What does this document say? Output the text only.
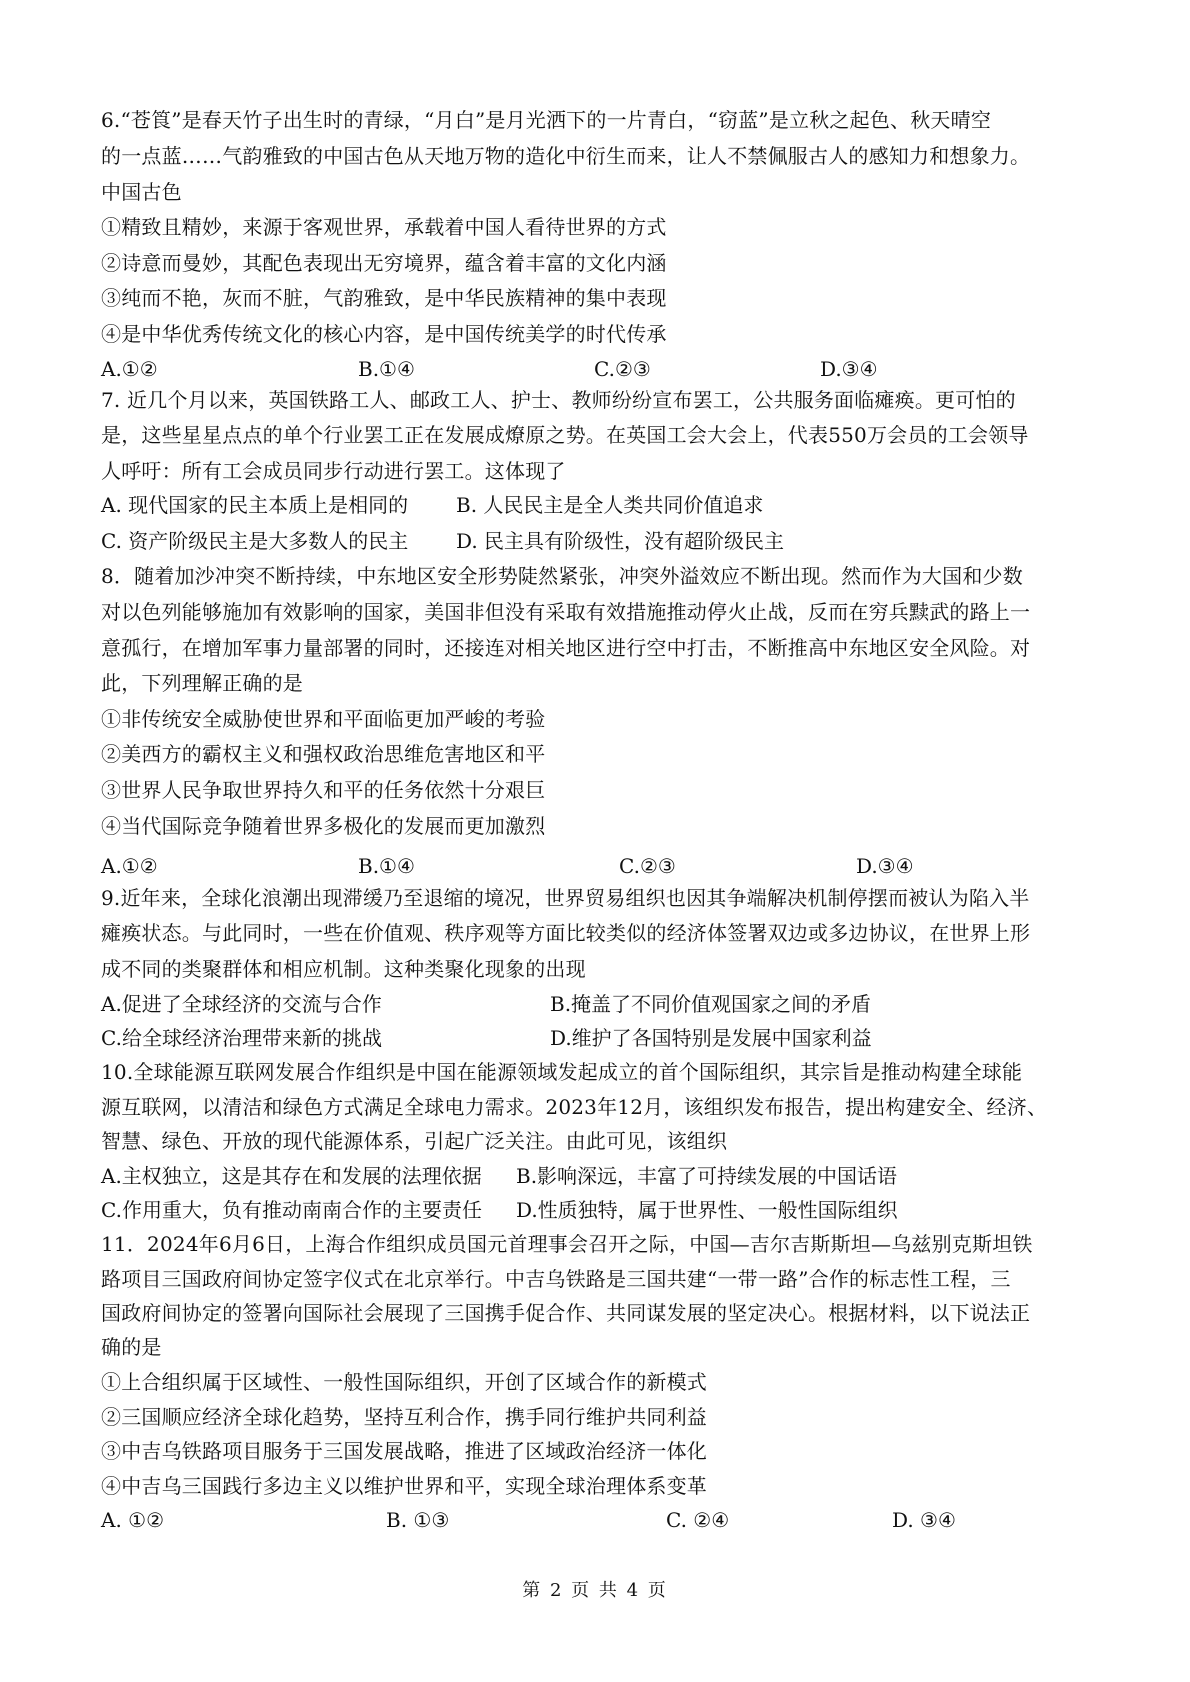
6.“苍筤”是春天竹子出生时的青绿，“月白”是月光洒下的一片青白，“窃蓝”是立秋之起色、秋天晴空
的一点蓝……气韵雅致的中国古色从天地万物的造化中衍生而来，让人不禁佩服古人的感知力和想象力。
中国古色
①精致且精妙，来源于客观世界，承载着中国人看待世界的方式
②诗意而曼妙，其配色表现出无穷境界，蕴含着丰富的文化内涵
③纯而不艳，灰而不脏，气韵雅致，是中华民族精神的集中表现
④是中华优秀传统文化的核心内容，是中国传统美学的时代传承
A.①②	B.①④	C.②③	D.③④
7. 近几个月以来，英国铁路工人、邮政工人、护士、教师纷纷宣布罢工，公共服务面临瘫痪。更可怕的
是，这些星星点点的单个行业罢工正在发展成燎原之势。在英国工会大会上，代表550万会员的工会领导
人呼吁：所有工会成员同步行动进行罢工。这体现了
A. 现代国家的民主本质上是相同的 B. 人民民主是全人类共同价值追求
C. 资产阶级民主是大多数人的民主 D. 民主具有阶级性，没有超阶级民主
8．随着加沙冲突不断持续，中东地区安全形势陡然紧张，冲突外溢效应不断出现。然而作为大国和少数
对以色列能够施加有效影响的国家，美国非但没有采取有效措施推动停火止战，反而在穷兵黩武的路上一
意孤行，在增加军事力量部署的同时，还接连对相关地区进行空中打击，不断推高中东地区安全风险。对
此，下列理解正确的是
①非传统安全威胁使世界和平面临更加严峻的考验
②美西方的霸权主义和强权政治思维危害地区和平
③世界人民争取世界持久和平的任务依然十分艰巨
④当代国际竞争随着世界多极化的发展而更加激烈
A.①②	B.①④	C.②③	D.③④
9.近年来，全球化浪潮出现滞缓乃至退缩的境况，世界贸易组织也因其争端解决机制停摆而被认为陷入半
瘫痪状态。与此同时，一些在价值观、秩序观等方面比较类似的经济体签署双边或多边协议，在世界上形
成不同的类聚群体和相应机制。这种类聚化现象的出现
A.促进了全球经济的交流与合作	B.掩盖了不同价值观国家之间的矛盾
C.给全球经济治理带来新的挑战	D.维护了各国特别是发展中国家利益
10.全球能源互联网发展合作组织是中国在能源领域发起成立的首个国际组织，其宗旨是推动构建全球能
源互联网，以清洁和绿色方式满足全球电力需求。2023年12月，该组织发布报告，提出构建安全、经济、
智慧、绿色、开放的现代能源体系，引起广泛关注。由此可见，该组织
A.主权独立，这是其存在和发展的法理依据 B.影响深远，丰富了可持续发展的中国话语
C.作用重大，负有推动南南合作的主要责任 D.性质独特，属于世界性、一般性国际组织
11．2024年6月6日，上海合作组织成员国元首理事会召开之际，中国—吉尔吉斯斯坦—乌兹别克斯坦铁
路项目三国政府间协定签字仪式在北京举行。中吉乌铁路是三国共建“一带一路”合作的标志性工程，三
国政府间协定的签署向国际社会展现了三国携手促合作、共同谋发展的坚定决心。根据材料，以下说法正
确的是
①上合组织属于区域性、一般性国际组织，开创了区域合作的新模式
②三国顺应经济全球化趋势，坚持互利合作，携手同行维护共同利益
③中吉乌铁路项目服务于三国发展战略，推进了区域政治经济一体化
④中吉乌三国践行多边主义以维护世界和平，实现全球治理体系变革
A. ①②	B. ①③	C. ②④	D. ③④
第 2 页 共 4 页
